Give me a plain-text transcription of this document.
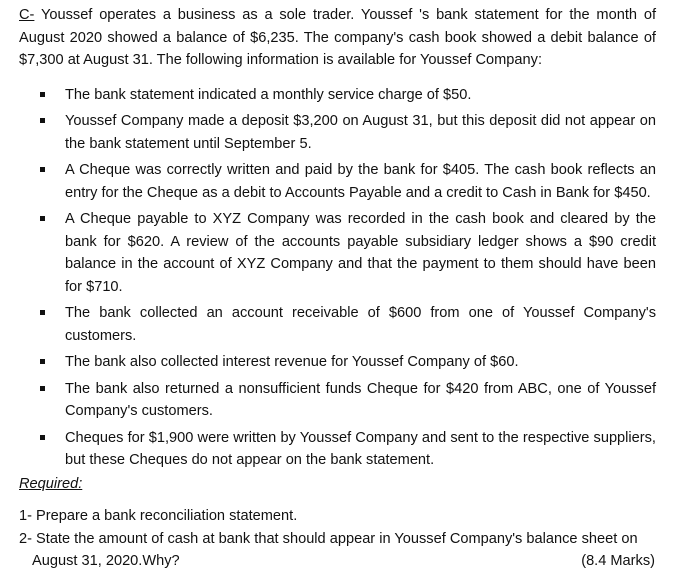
C- Youssef operates a business as a sole trader. Youssef 's bank statement for the month of August 2020 showed a balance of $6,235. The company's cash book showed a debit balance of $7,300 at August 31. The following information is available for Youssef Company:

The bank statement indicated a monthly service charge of $50.
Youssef Company made a deposit $3,200 on August 31, but this deposit did not appear on the bank statement until September 5.
A Cheque was correctly written and paid by the bank for $405. The cash book reflects an entry for the Cheque as a debit to Accounts Payable and a credit to Cash in Bank for $450.
A Cheque payable to XYZ Company was recorded in the cash book and cleared by the bank for $620. A review of the accounts payable subsidiary ledger shows a $90 credit balance in the account of XYZ Company and that the payment to them should have been for $710.
The bank collected an account receivable of $600 from one of Youssef Company's customers.
The bank also collected interest revenue for Youssef Company of $60.
The bank also returned a nonsufficient funds Cheque for $420 from ABC, one of Youssef Company's customers.
Cheques for $1,900 were written by Youssef Company and sent to the respective suppliers, but these Cheques do not appear on the bank statement.

Required:

1- Prepare a bank reconciliation statement.

2- State the amount of cash at bank that should appear in Youssef Company's balance sheet on
August 31, 2020.Why?	(8.4 Marks)
